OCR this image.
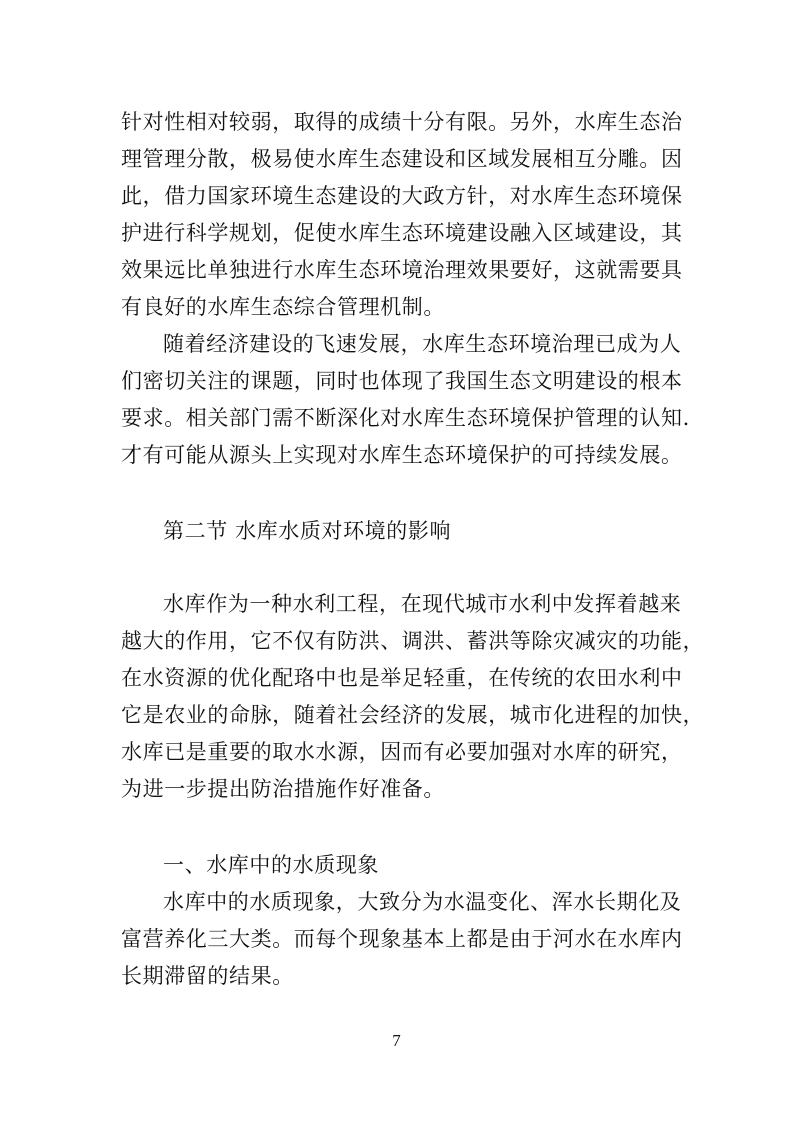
针对性相对较弱，取得的成绩十分有限。另外，水库生态治
理管理分散，极易使水库生态建设和区域发展相互分雕。因
此，借力国家环境生态建设的大政方针，对水库生态环境保
护进行科学规划，促使水库生态环境建设融入区域建设，其
效果远比单独进行水库生态环境治理效果要好，这就需要具
有良好的水库生态综合管理机制。
随着经济建设的飞速发展，水库生态环境治理已成为人
们密切关注的课题，同时也体现了我国生态文明建设的根本
要求。相关部门需不断深化对水库生态环境保护管理的认知.
才有可能从源头上实现对水库生态环境保护的可持续发展。
第二节 水库水质对环境的影响
水库作为一种水利工程，在现代城市水利中发挥着越来
越大的作用，它不仅有防洪、调洪、蓄洪等除灾减灾的功能，
在水资源的优化配珞中也是举足轻重，在传统的农田水利中
它是农业的命脉，随着社会经济的发展，城市化进程的加快，
水库已是重要的取水水源，因而有必要加强对水库的研究，
为进一步提出防治措施作好准备。
一、水库中的水质现象
水库中的水质现象，大致分为水温变化、浑水长期化及
富营养化三大类。而每个现象基本上都是由于河水在水库内
长期滞留的结果。
7
